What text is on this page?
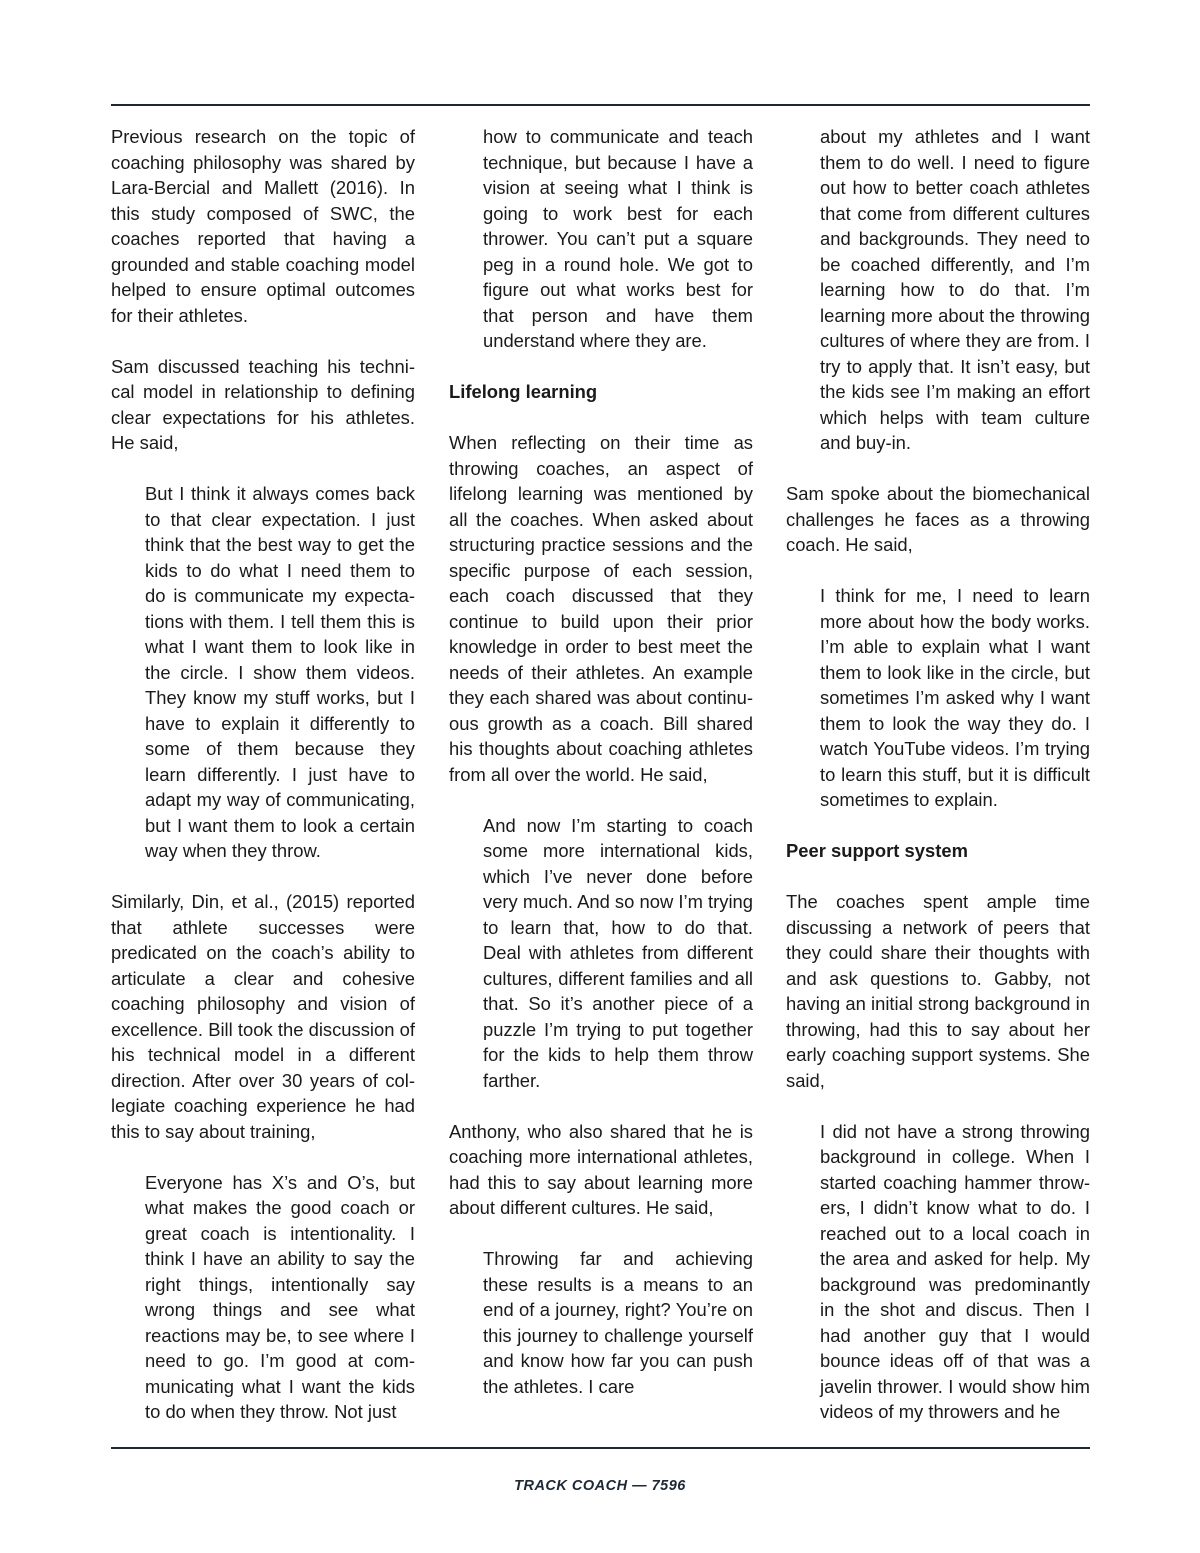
Previous research on the topic of coaching philosophy was shared by Lara-Bercial and Mallett (2016). In this study composed of SWC, the coaches reported that having a grounded and stable coaching model helped to ensure optimal outcomes for their athletes.

Sam discussed teaching his technical model in relationship to defining clear expectations for his athletes. He said,

But I think it always comes back to that clear expectation. I just think that the best way to get the kids to do what I need them to do is communicate my expectations with them. I tell them this is what I want them to look like in the circle. I show them videos. They know my stuff works, but I have to explain it differently to some of them because they learn differently. I just have to adapt my way of communicating, but I want them to look a certain way when they throw.

Similarly, Din, et al., (2015) reported that athlete successes were predicated on the coach’s ability to articulate a clear and cohesive coaching philosophy and vision of excellence. Bill took the discussion of his technical model in a different direction. After over 30 years of collegiate coaching experience he had this to say about training,

Everyone has X’s and O’s, but what makes the good coach or great coach is intentionality. I think I have an ability to say the right things, intentionally say wrong things and see what reactions may be, to see where I need to go. I’m good at communicating what I want the kids to do when they throw. Not just

how to communicate and teach technique, but because I have a vision at seeing what I think is going to work best for each thrower. You can’t put a square peg in a round hole. We got to figure out what works best for that person and have them understand where they are.

Lifelong learning

When reflecting on their time as throwing coaches, an aspect of lifelong learning was mentioned by all the coaches. When asked about structuring practice sessions and the specific purpose of each session, each coach discussed that they continue to build upon their prior knowledge in order to best meet the needs of their athletes. An example they each shared was about continuous growth as a coach. Bill shared his thoughts about coaching athletes from all over the world. He said,

And now I’m starting to coach some more international kids, which I’ve never done before very much. And so now I’m trying to learn that, how to do that. Deal with athletes from different cultures, different families and all that. So it’s another piece of a puzzle I’m trying to put together for the kids to help them throw farther.

Anthony, who also shared that he is coaching more international athletes, had this to say about learning more about different cultures. He said,

Throwing far and achieving these results is a means to an end of a journey, right? You’re on this journey to challenge yourself and know how far you can push the athletes. I care

about my athletes and I want them to do well. I need to figure out how to better coach athletes that come from different cultures and backgrounds. They need to be coached differently, and I’m learning how to do that. I’m learning more about the throwing cultures of where they are from. I try to apply that. It isn’t easy, but the kids see I’m making an effort which helps with team culture and buy-in.

Sam spoke about the biomechanical challenges he faces as a throwing coach. He said,

I think for me, I need to learn more about how the body works. I’m able to explain what I want them to look like in the circle, but sometimes I’m asked why I want them to look the way they do. I watch YouTube videos. I’m trying to learn this stuff, but it is difficult sometimes to explain.

Peer support system

The coaches spent ample time discussing a network of peers that they could share their thoughts with and ask questions to. Gabby, not having an initial strong background in throwing, had this to say about her early coaching support systems. She said,

I did not have a strong throwing background in college. When I started coaching hammer throwers, I didn’t know what to do. I reached out to a local coach in the area and asked for help. My background was predominantly in the shot and discus. Then I had another guy that I would bounce ideas off of that was a javelin thrower. I would show him videos of my throwers and he

TRACK COACH — 7596
